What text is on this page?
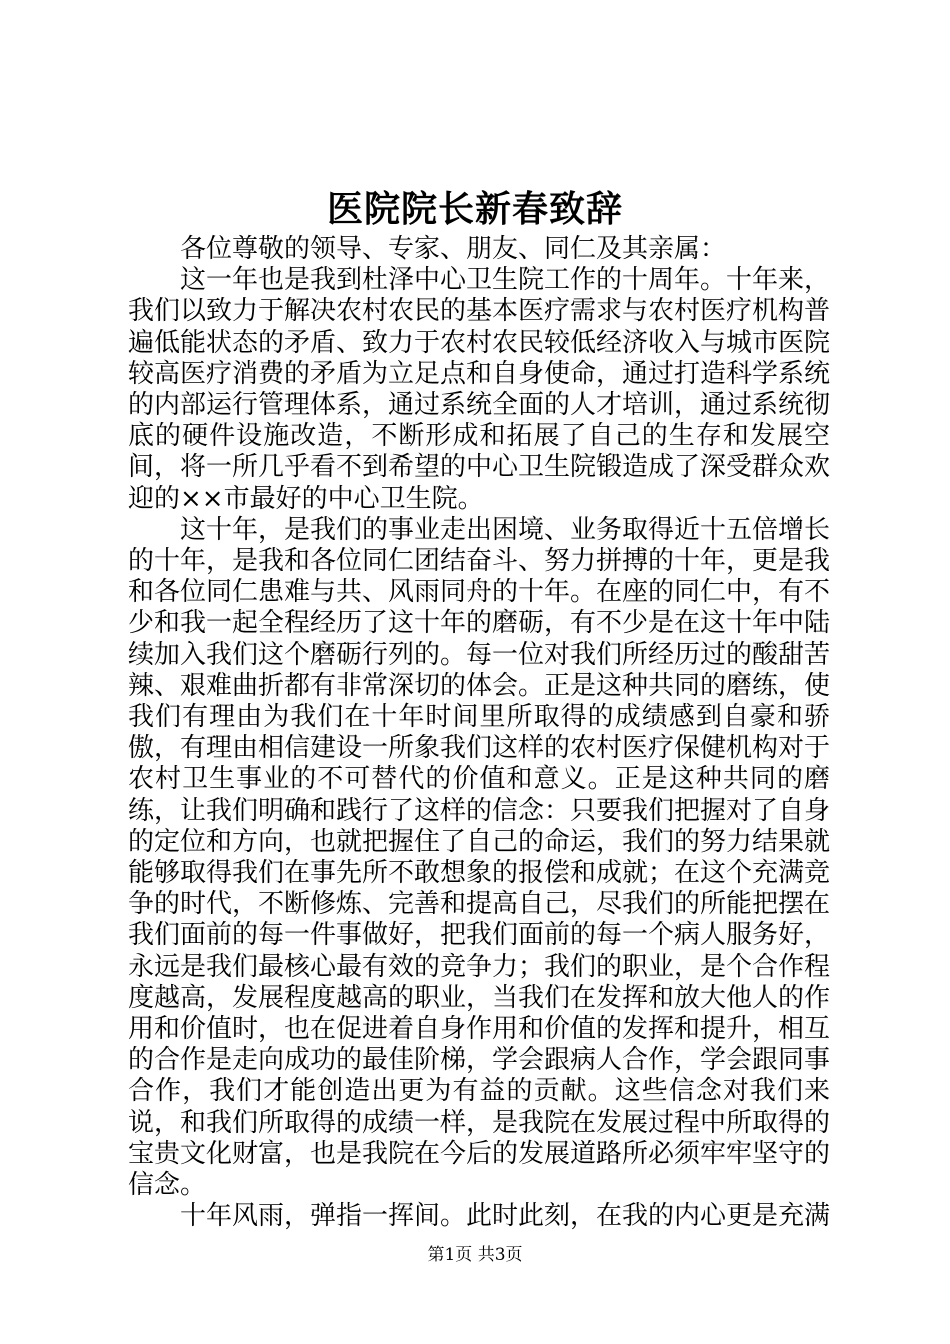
医院院长新春致辞

各位尊敬的领导、专家、朋友、同仁及其亲属：

这一年也是我到杜泽中心卫生院工作的十周年。十年来，我们以致力于解决农村农民的基本医疗需求与农村医疗机构普遍低能状态的矛盾、致力于农村农民较低经济收入与城市医院较高医疗消费的矛盾为立足点和自身使命，通过打造科学系统的内部运行管理体系，通过系统全面的人才培训，通过系统彻底的硬件设施改造，不断形成和拓展了自己的生存和发展空间，将一所几乎看不到希望的中心卫生院锻造成了深受群众欢迎的××市最好的中心卫生院。

这十年，是我们的事业走出困境、业务取得近十五倍增长的十年，是我和各位同仁团结奋斗、努力拼搏的十年，更是我和各位同仁患难与共、风雨同舟的十年。在座的同仁中，有不少和我一起全程经历了这十年的磨砺，有不少是在这十年中陆续加入我们这个磨砺行列的。每一位对我们所经历过的酸甜苦辣、艰难曲折都有非常深切的体会。正是这种共同的磨练，使我们有理由为我们在十年时间里所取得的成绩感到自豪和骄傲，有理由相信建设一所象我们这样的农村医疗保健机构对于农村卫生事业的不可替代的价值和意义。正是这种共同的磨练，让我们明确和践行了这样的信念：只要我们把握对了自身的定位和方向，也就把握住了自己的命运，我们的努力结果就能够取得我们在事先所不敢想象的报偿和成就；在这个充满竞争的时代，不断修炼、完善和提高自己，尽我们的所能把摆在我们面前的每一件事做好，把我们面前的每一个病人服务好，永远是我们最核心最有效的竞争力；我们的职业，是个合作程度越高，发展程度越高的职业，当我们在发挥和放大他人的作用和价值时，也在促进着自身作用和价值的发挥和提升，相互的合作是走向成功的最佳阶梯，学会跟病人合作，学会跟同事合作，我们才能创造出更为有益的贡献。这些信念对我们来说，和我们所取得的成绩一样，是我院在发展过程中所取得的宝贵文化财富，也是我院在今后的发展道路所必须牢牢坚守的信念。

十年风雨，弹指一挥间。此时此刻，在我的内心更是充满

第1页 共3页
